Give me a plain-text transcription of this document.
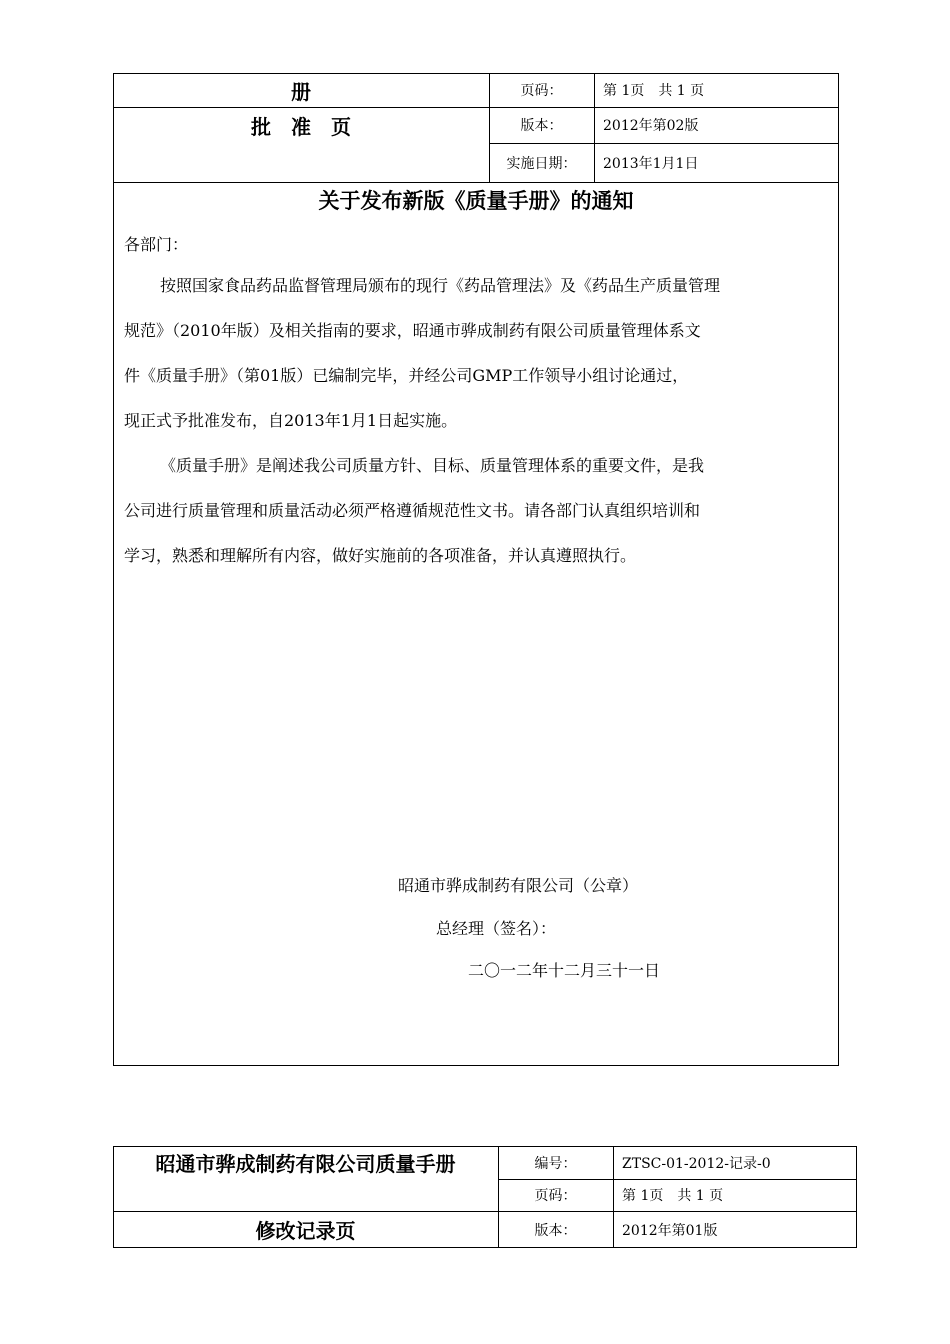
册
批　准　页
页码：	第 1页　共 1 页
版本：	2012年第02版
实施日期：	2013年1月1日
关于发布新版《质量手册》的通知
各部门：
按照国家食品药品监督管理局颁布的现行《药品管理法》及《药品生产质量管理
规范》（2010年版）及相关指南的要求，昭通市骅成制药有限公司质量管理体系文
件《质量手册》（第01版）已编制完毕，并经公司GMP工作领导小组讨论通过，
现正式予批准发布，自2013年1月1日起实施。
《质量手册》是阐述我公司质量方针、目标、质量管理体系的重要文件，是我
公司进行质量管理和质量活动必须严格遵循规范性文书。请各部门认真组织培训和
学习，熟悉和理解所有内容，做好实施前的各项准备，并认真遵照执行。
昭通市骅成制药有限公司（公章）
总经理（签名）：
二〇一二年十二月三十一日
昭通市骅成制药有限公司质量手册
修改记录页
编号：	ZTSC-01-2012-记录-0
页码：	第 1页　共 1 页
版本：	2012年第01版
